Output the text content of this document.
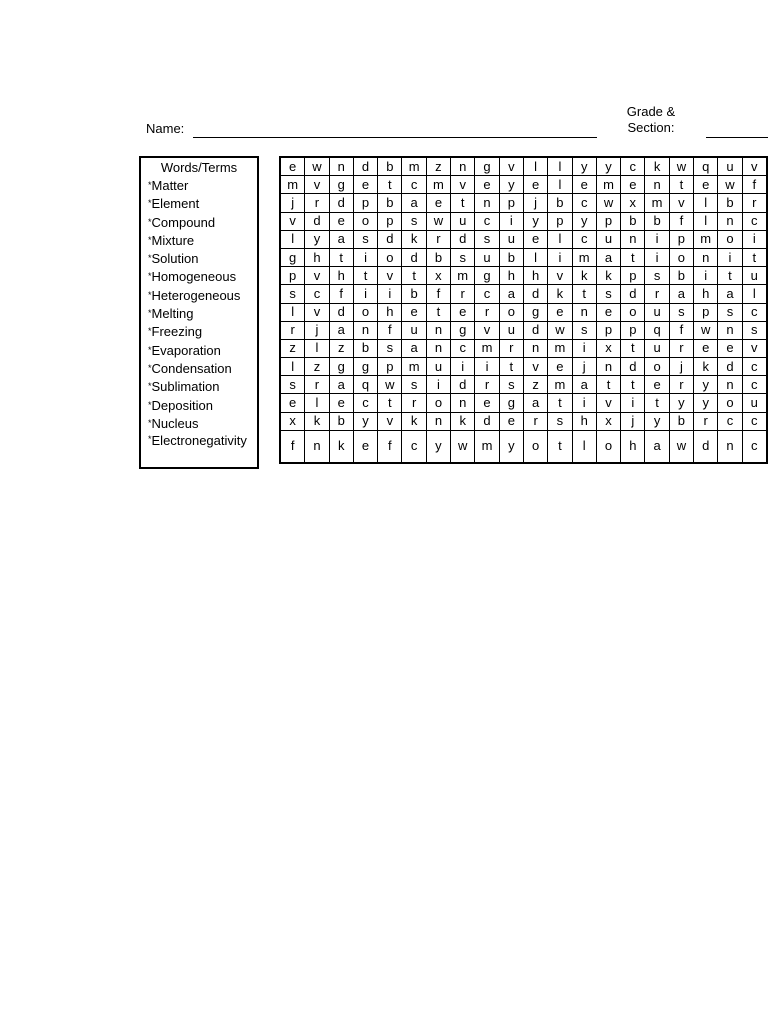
Name:
Grade & Section:
Words/Terms
*Matter
*Element
*Compound
*Mixture
*Solution
*Homogeneous
*Heterogeneous
*Melting
*Freezing
*Evaporation
*Condensation
*Sublimation
*Deposition
*Nucleus
*Electronegativity
e	w	n	d	b	m	z	n	g	v	l	l	y	y	c	k	w	q	u	v
m	v	g	e	t	c	m	v	e	y	e	l	e	m	e	n	t	e	w	f
j	r	d	p	b	a	e	t	n	p	j	b	c	w	x	m	v	l	b	r
v	d	e	o	p	s	w	u	c	i	y	p	y	p	b	b	f	l	n	c
l	y	a	s	d	k	r	d	s	u	e	l	c	u	n	i	p	m	o	i
g	h	t	i	o	d	b	s	u	b	l	i	m	a	t	i	o	n	i	t
p	v	h	t	v	t	x	m	g	h	h	v	k	k	p	s	b	i	t	u
s	c	f	i	i	b	f	r	c	a	d	k	t	s	d	r	a	h	a	l
l	v	d	o	h	e	t	e	r	o	g	e	n	e	o	u	s	p	s	c
r	j	a	n	f	u	n	g	v	u	d	w	s	p	p	q	f	w	n	s
z	l	z	b	s	a	n	c	m	r	n	m	i	x	t	u	r	e	e	v
l	z	g	g	p	m	u	i	i	t	v	e	j	n	d	o	j	k	d	c
s	r	a	q	w	s	i	d	r	s	z	m	a	t	t	e	r	y	n	c
e	l	e	c	t	r	o	n	e	g	a	t	i	v	i	t	y	y	o	u
x	k	b	y	v	k	n	k	d	e	r	s	h	x	j	y	b	r	c	c
f	n	k	e	f	c	y	w	m	y	o	t	l	o	h	a	w	d	n	c
